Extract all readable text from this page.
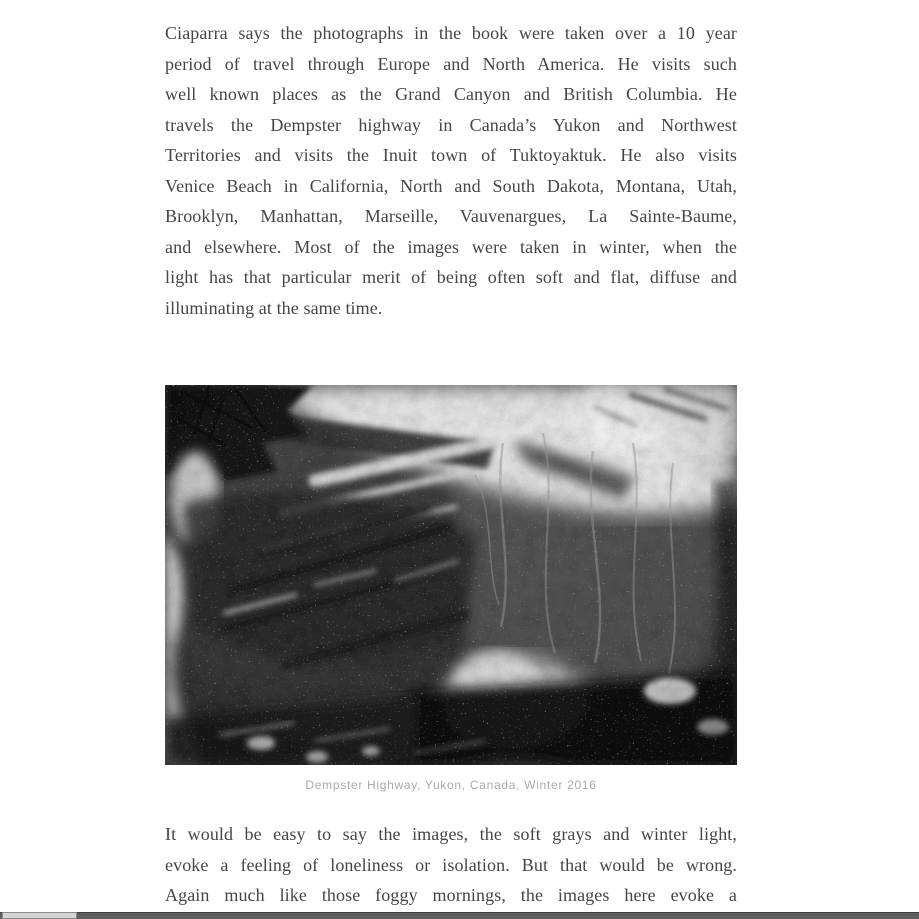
Ciaparra says the photographs in the book were taken over a 10 year
period of travel through Europe and North America. He visits such
well known places as the Grand Canyon and British Columbia. He
travels the Dempster highway in Canada’s Yukon and Northwest
Territories and visits the Inuit town of Tuktoyaktuk. He also visits
Venice Beach in California, North and South Dakota, Montana, Utah,
Brooklyn, Manhattan, Marseille, Vauvenargues, La Sainte-Baume,
and elsewhere. Most of the images were taken in winter, when the
light has that particular merit of being often soft and flat, diffuse and
illuminating at the same time.
Dempster Highway, Yukon, Canada, Winter 2016
It would be easy to say the images, the soft grays and winter light,
evoke a feeling of loneliness or isolation. But that would be wrong.
Again much like those foggy mornings, the images here evoke a
